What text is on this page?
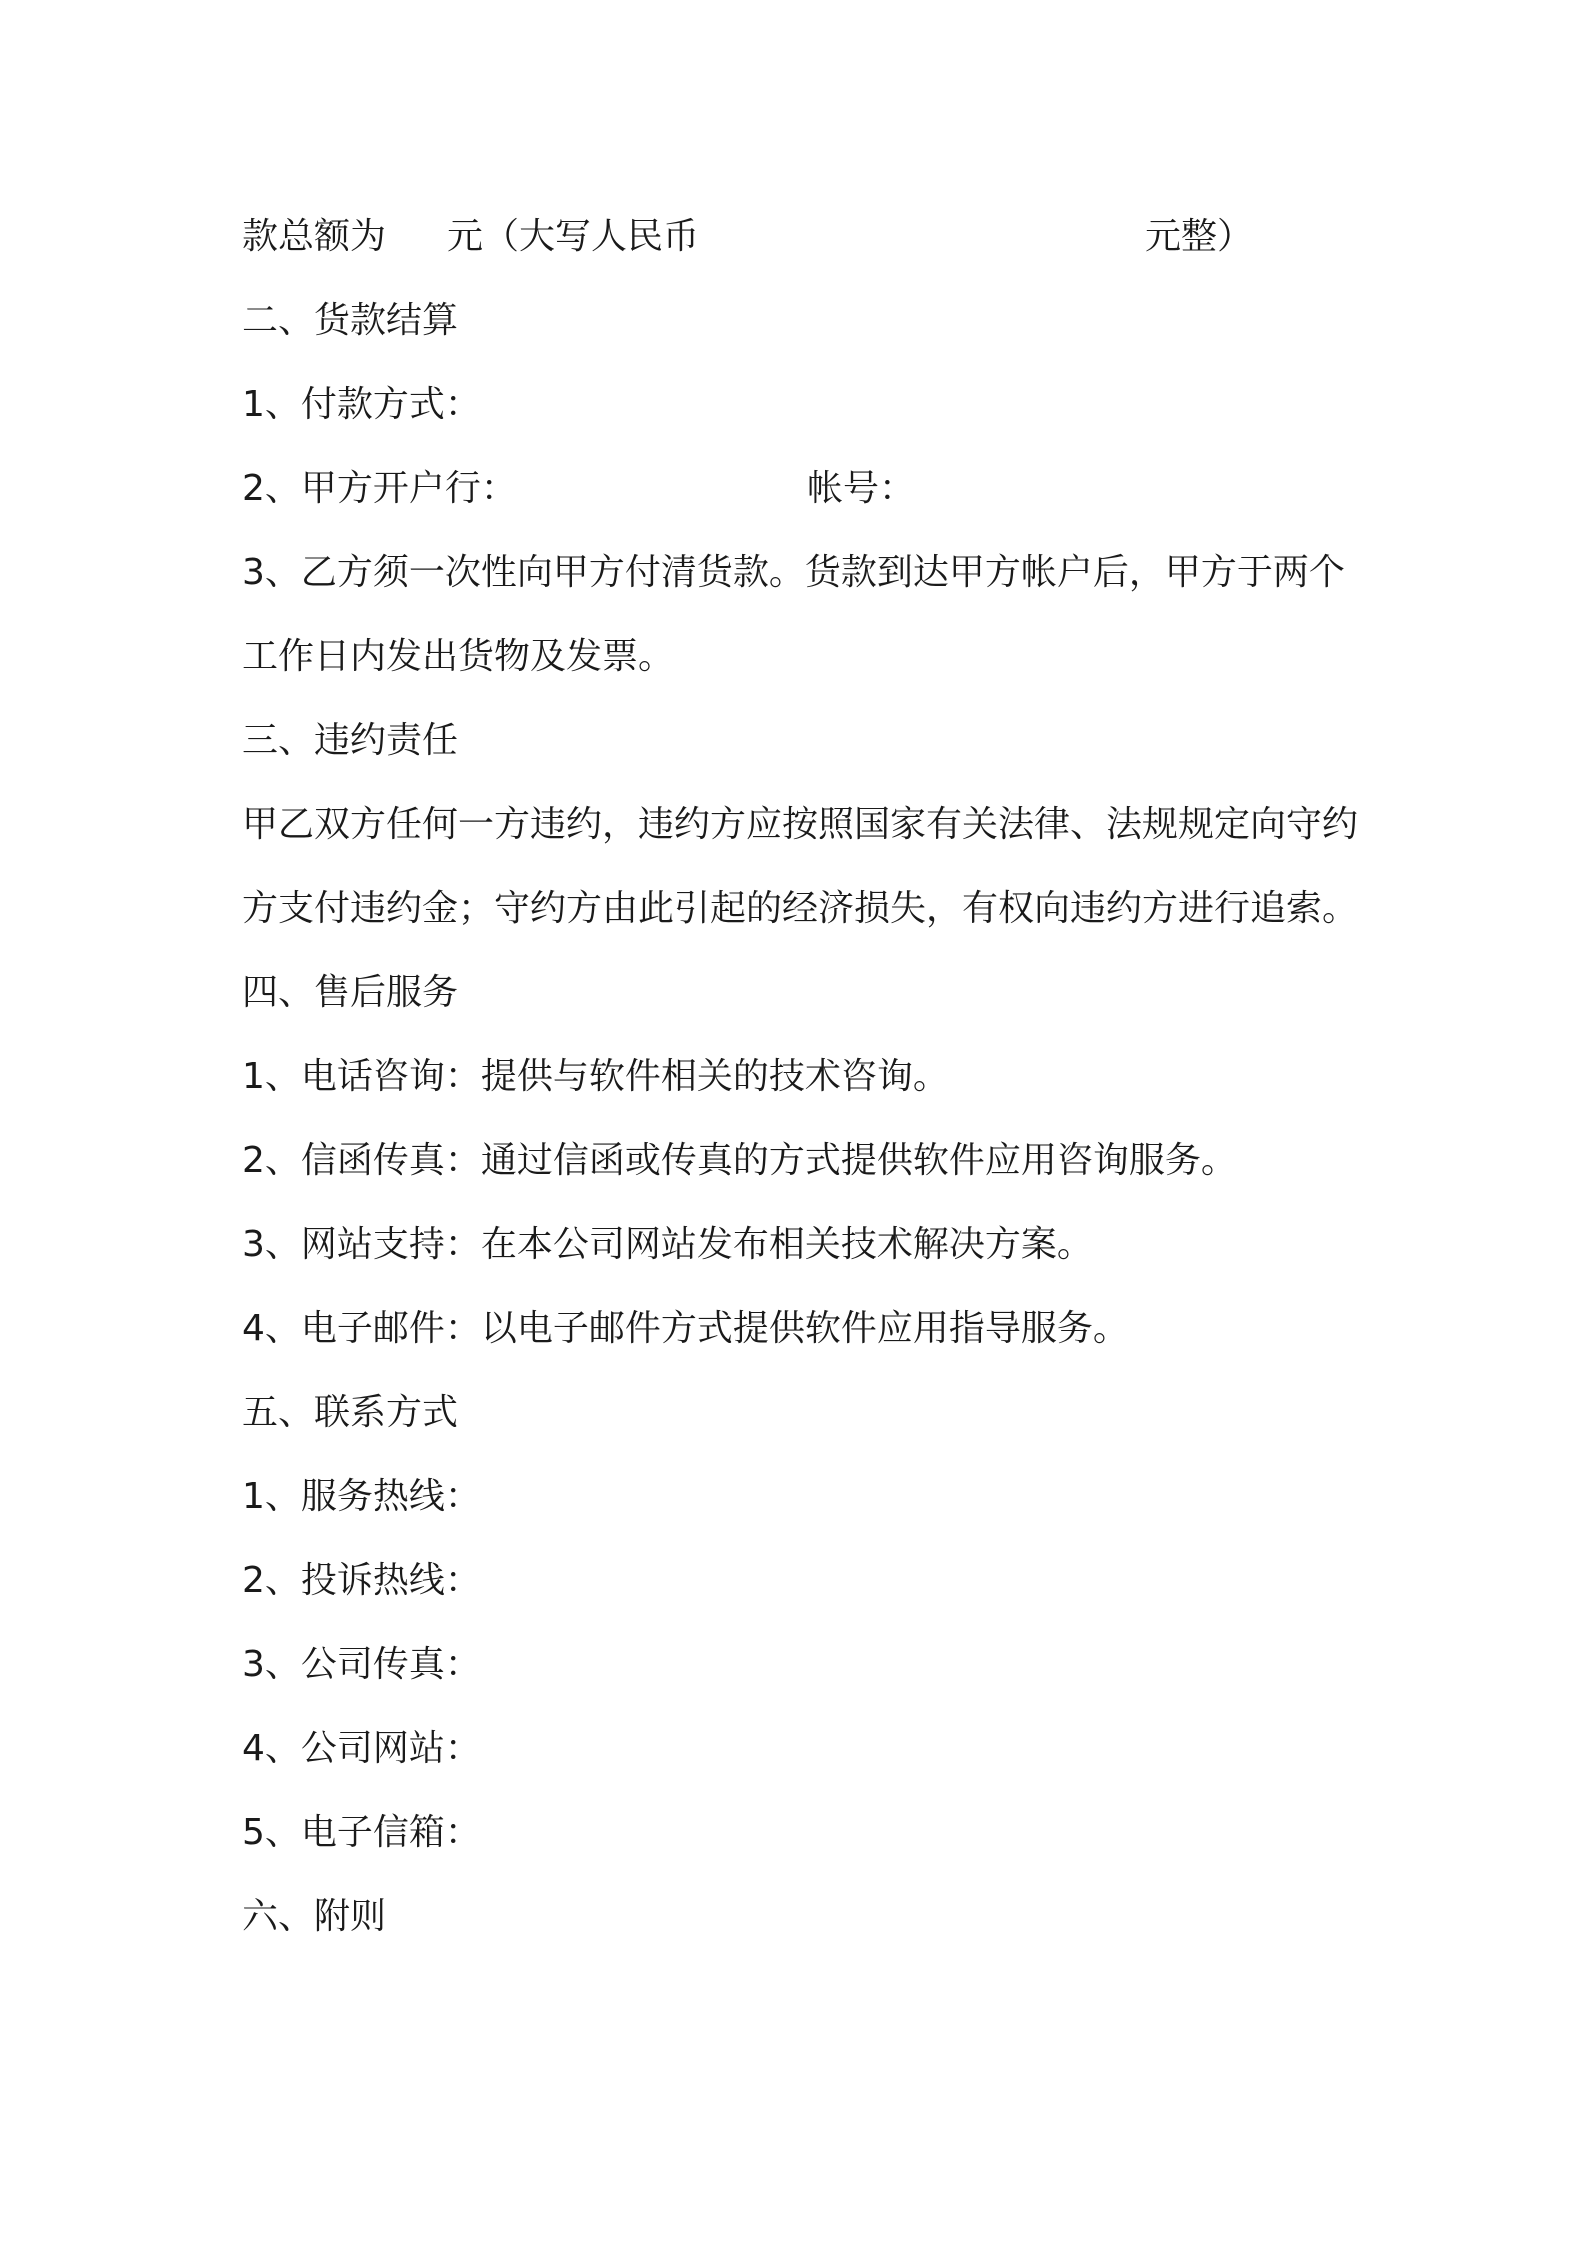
款总额为 元（大写人民币	元整）
二、货款结算
1、付款方式：
2、甲方开户行：	帐号：
3、乙方须一次性向甲方付清货款。货款到达甲方帐户后，甲方于两个工作日内发出货物及发票。
三、违约责任
甲乙双方任何一方违约，违约方应按照国家有关法律、法规规定向守约方支付违约金；守约方由此引起的经济损失，有权向违约方进行追索。
四、售后服务
1、电话咨询：提供与软件相关的技术咨询。
2、信函传真：通过信函或传真的方式提供软件应用咨询服务。
3、网站支持：在本公司网站发布相关技术解决方案。
4、电子邮件：以电子邮件方式提供软件应用指导服务。
五、联系方式
1、服务热线：
2、投诉热线：
3、公司传真：
4、公司网站：
5、电子信箱：
六、附则
